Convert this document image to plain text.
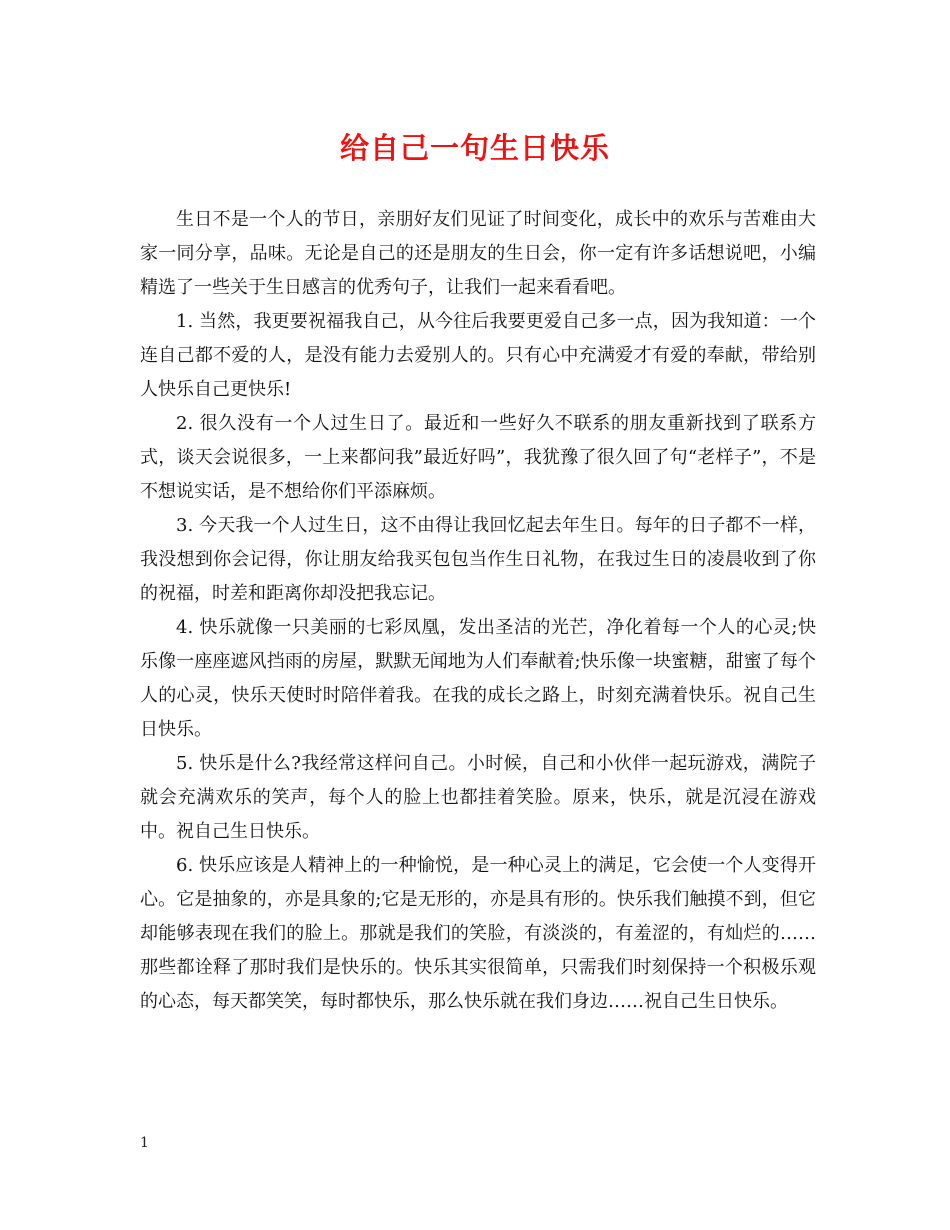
给自己一句生日快乐

生日不是一个人的节日，亲朋好友们见证了时间变化，成长中的欢乐与苦难由大家一同分享，品味。无论是自己的还是朋友的生日会，你一定有许多话想说吧，小编精选了一些关于生日感言的优秀句子，让我们一起来看看吧。

1. 当然，我更要祝福我自己，从今往后我要更爱自己多一点，因为我知道：一个连自己都不爱的人，是没有能力去爱别人的。只有心中充满爱才有爱的奉献，带给别人快乐自己更快乐!

2. 很久没有一个人过生日了。最近和一些好久不联系的朋友重新找到了联系方式，谈天会说很多，一上来都问我”最近好吗”，我犹豫了很久回了句“老样子”，不是不想说实话，是不想给你们平添麻烦。

3. 今天我一个人过生日，这不由得让我回忆起去年生日。每年的日子都不一样，我没想到你会记得，你让朋友给我买包包当作生日礼物，在我过生日的凌晨收到了你的祝福，时差和距离你却没把我忘记。

4. 快乐就像一只美丽的七彩凤凰，发出圣洁的光芒，净化着每一个人的心灵;快乐像一座座遮风挡雨的房屋，默默无闻地为人们奉献着;快乐像一块蜜糖，甜蜜了每个人的心灵，快乐天使时时陪伴着我。在我的成长之路上，时刻充满着快乐。祝自己生日快乐。

5. 快乐是什么?我经常这样问自己。小时候，自己和小伙伴一起玩游戏，满院子就会充满欢乐的笑声，每个人的脸上也都挂着笑脸。原来，快乐，就是沉浸在游戏中。祝自己生日快乐。

6. 快乐应该是人精神上的一种愉悦，是一种心灵上的满足，它会使一个人变得开心。它是抽象的，亦是具象的;它是无形的，亦是具有形的。快乐我们触摸不到，但它却能够表现在我们的脸上。那就是我们的笑脸，有淡淡的，有羞涩的，有灿烂的……那些都诠释了那时我们是快乐的。快乐其实很简单，只需我们时刻保持一个积极乐观的心态，每天都笑笑，每时都快乐，那么快乐就在我们身边……祝自己生日快乐。

1
